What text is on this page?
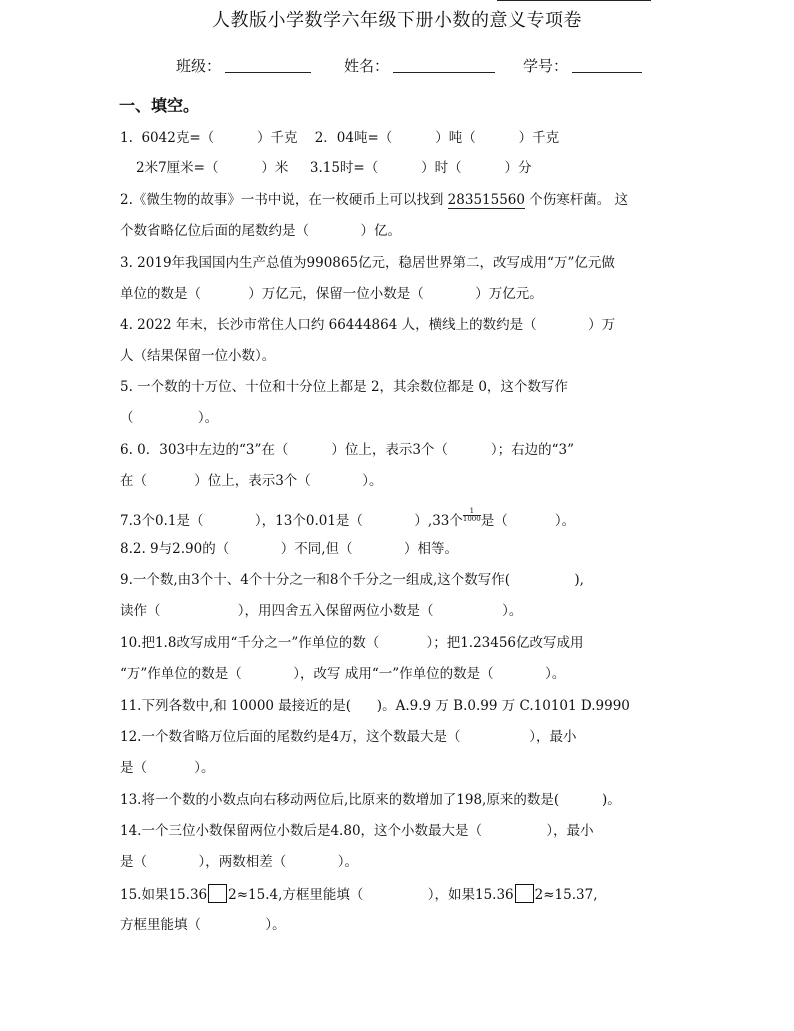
人教版小学数学六年级下册小数的意义专项卷
班级：	姓名：	学号：
一、填空。
1.  6042克=（          ）千克    2．04吨=（          ）吨（          ）千克
2米7厘米=（          ）米     3.15时=（          ）时（          ）分
2.《微生物的故事》一书中说，在一枚硬币上可以找到 283515560 个伤寒杆菌。 这
个数省略亿位后面的尾数约是（            ）亿。
3. 2019年我国国内生产总值为990865亿元，稳居世界第二，改写成用“万”亿元做
单位的数是（           ）万亿元，保留一位小数是（            ）万亿元。
4. 2022 年末，长沙市常住人口约 66444864 人，横线上的数约是（            ）万
人（结果保留一位小数）。
5. 一个数的十万位、十位和十分位上都是 2，其余数位都是 0，这个数写作
（               ）。
6. 0．303中左边的“3”在（          ）位上，表示3个（          ）；右边的“3”
在（           ）位上，表示3个（            ）。
7.3个0.1是（            ），13个0.01是（            ）,33个 $\frac{1}{1000}$ 是（           ）。
8.2. 9与2.90的（            ）不同,但（            ）相等。
9.一个数,由3个十、4个十分之一和8个千分之一组成,这个数写作(               ),
读作（                  ），用四舍五入保留两位小数是（                ）。
10.把1.8改写成用“千分之一”作单位的数（           ）；把1.23456亿改写成用
“万”作单位的数是（            ），改写 成用“一”作单位的数是（            ）。
11.下列各数中,和 10000 最接近的是(      )。A.9.9 万 B.0.99 万 C.10101 D.9990
12.一个数省略万位后面的尾数约是4万，这个数最大是（                ），最小
是（           ）。
13.将一个数的小数点向右移动两位后,比原来的数增加了198,原来的数是(          )。
14.一个三位小数保留两位小数后是4.80，这个小数最大是（               ），最小
是（            ），两数相差（            ）。
15.如果15.36 2≈15.4,方框里能填（               ），如果15.36 2≈15.37,
方框里能填（               ）。
